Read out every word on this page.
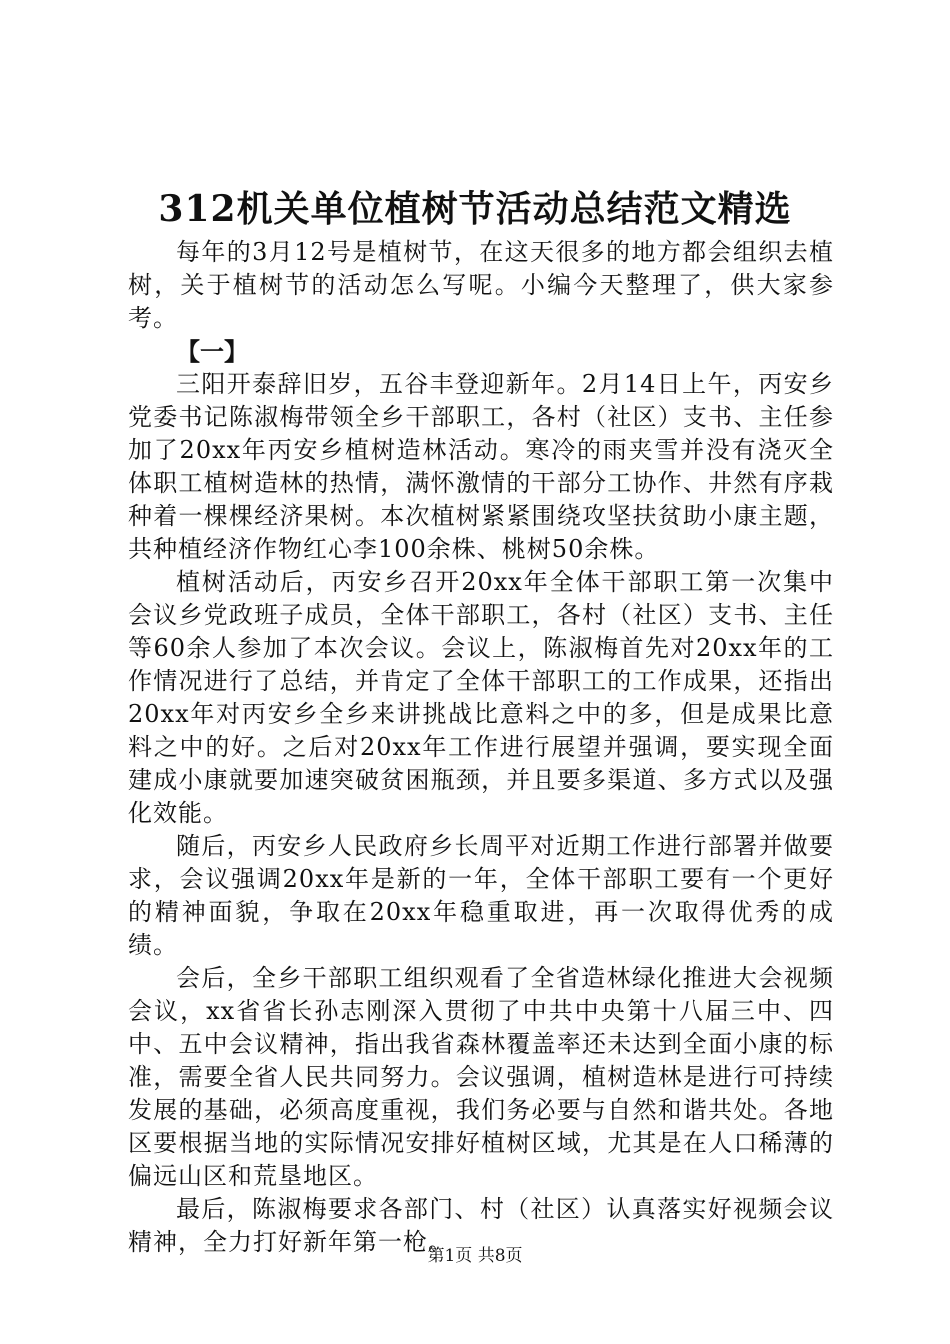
312机关单位植树节活动总结范文精选

每年的3月12号是植树节，在这天很多的地方都会组织去植树，关于植树节的活动怎么写呢。小编今天整理了，供大家参考。

【一】

三阳开泰辞旧岁，五谷丰登迎新年。2月14日上午，丙安乡党委书记陈淑梅带领全乡干部职工，各村（社区）支书、主任参加了20xx年丙安乡植树造林活动。寒冷的雨夹雪并没有浇灭全体职工植树造林的热情，满怀激情的干部分工协作、井然有序栽种着一棵棵经济果树。本次植树紧紧围绕攻坚扶贫助小康主题，共种植经济作物红心李100余株、桃树50余株。

植树活动后，丙安乡召开20xx年全体干部职工第一次集中会议乡党政班子成员，全体干部职工，各村（社区）支书、主任等60余人参加了本次会议。会议上，陈淑梅首先对20xx年的工作情况进行了总结，并肯定了全体干部职工的工作成果，还指出20xx年对丙安乡全乡来讲挑战比意料之中的多，但是成果比意料之中的好。之后对20xx年工作进行展望并强调，要实现全面建成小康就要加速突破贫困瓶颈，并且要多渠道、多方式以及强化效能。

随后，丙安乡人民政府乡长周平对近期工作进行部署并做要求，会议强调20xx年是新的一年，全体干部职工要有一个更好的精神面貌，争取在20xx年稳重取进，再一次取得优秀的成绩。

会后，全乡干部职工组织观看了全省造林绿化推进大会视频会议，xx省省长孙志刚深入贯彻了中共中央第十八届三中、四中、五中会议精神，指出我省森林覆盖率还未达到全面小康的标准，需要全省人民共同努力。会议强调，植树造林是进行可持续发展的基础，必须高度重视，我们务必要与自然和谐共处。各地区要根据当地的实际情况安排好植树区域，尤其是在人口稀薄的偏远山区和荒垦地区。

最后，陈淑梅要求各部门、村（社区）认真落实好视频会议精神，全力打好新年第一枪。

第1页 共8页
